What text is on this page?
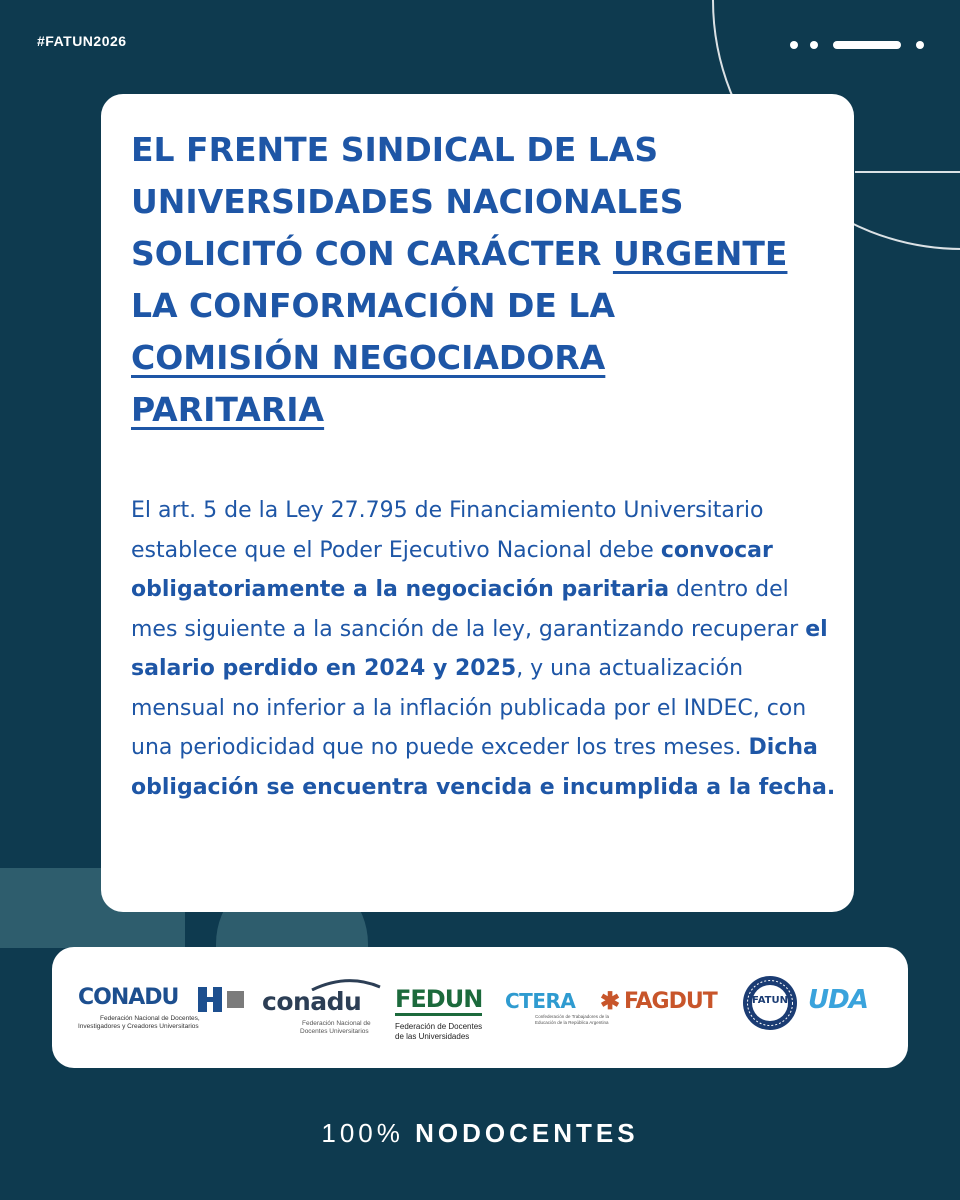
#FATUN2026
EL FRENTE SINDICAL DE LAS
UNIVERSIDADES NACIONALES
SOLICITÓ CON CARÁCTER URGENTE
LA CONFORMACIÓN DE LA
COMISIÓN NEGOCIADORA
PARITARIA

El art. 5 de la Ley 27.795 de Financiamiento Universitario establece que el Poder Ejecutivo Nacional debe convocar obligatoriamente a la negociación paritaria dentro del mes siguiente a la sanción de la ley, garantizando recuperar el salario perdido en 2024 y 2025, y una actualización mensual no inferior a la inflación publicada por el INDEC, con una periodicidad que no puede exceder los tres meses. Dicha obligación se encuentra vencida e incumplida a la fecha.

CONADU
Federación Nacional de Docentes,
Investigadores y Creadores Universitarios
conadu
Federación Nacional de
Docentes Universitarios
FEDUN
Federación de Docentes
de las Universidades
CTERA
Confederación de Trabajadores de la
Educación de la República Argentina
✱ FAGDUT	FATUN UDA
100% NODOCENTES
